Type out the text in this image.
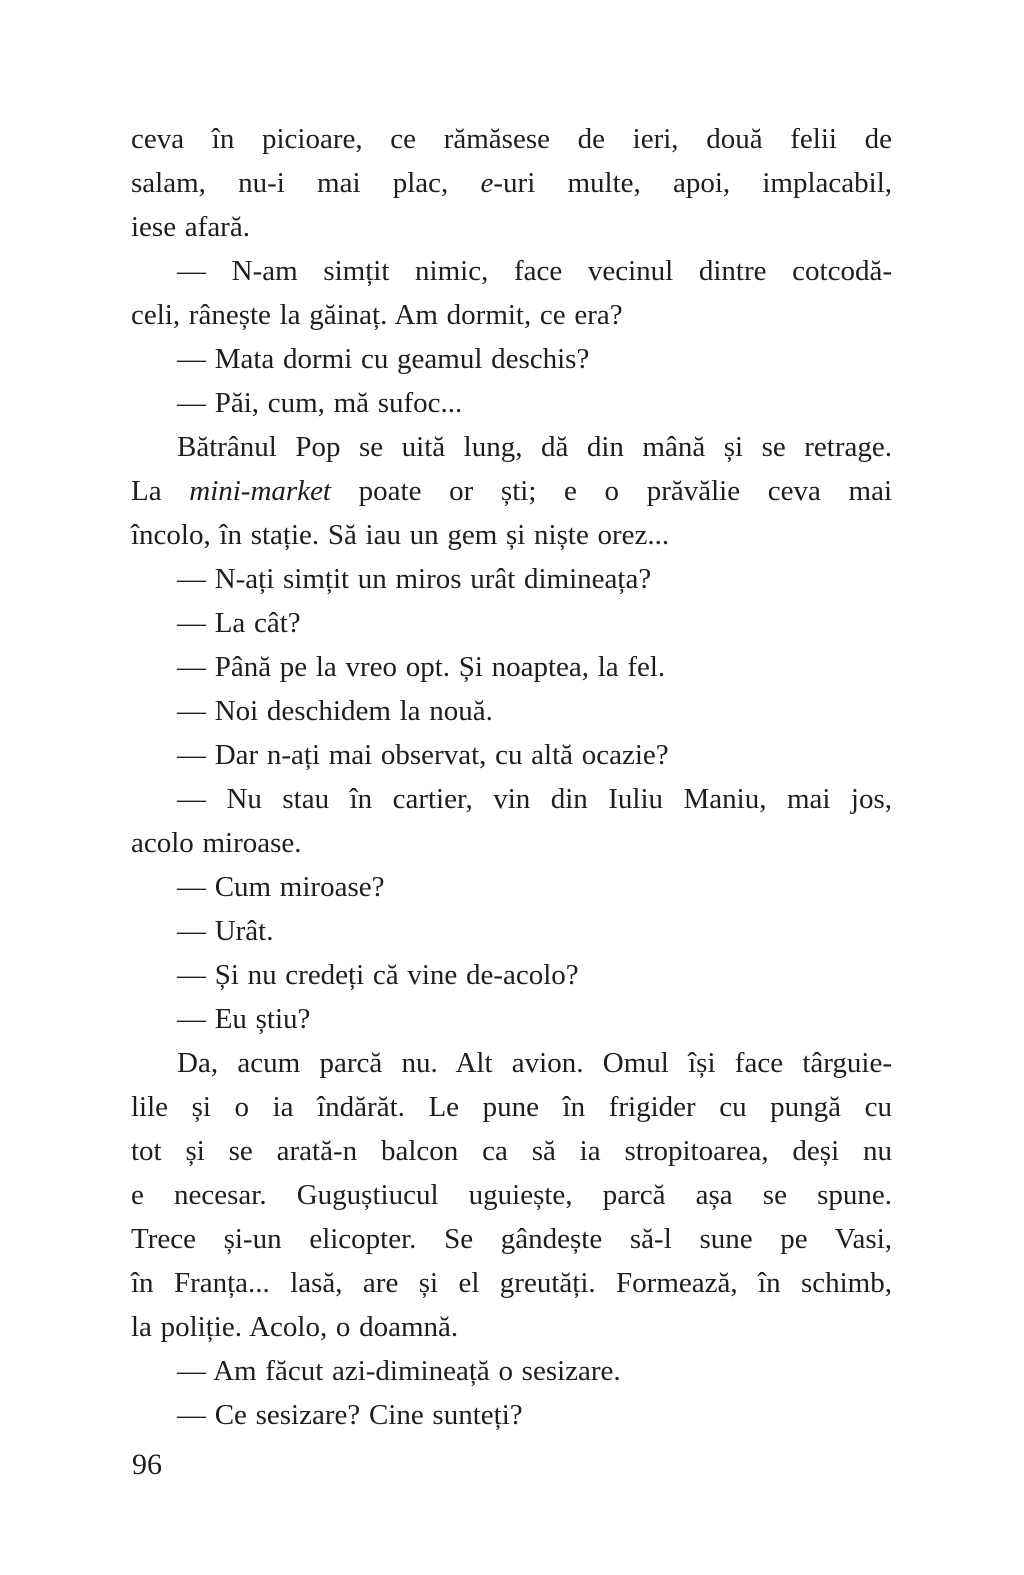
ceva în picioare, ce rămăsese de ieri, două felii de
salam, nu-i mai plac, e-uri multe, apoi, implacabil,
iese afară.
— N-am simțit nimic, face vecinul dintre cotcodă-
celi, rânește la găinaț. Am dormit, ce era?
— Mata dormi cu geamul deschis?
— Păi, cum, mă sufoc...
Bătrânul Pop se uită lung, dă din mână și se retrage.
La mini-market poate or ști; e o prăvălie ceva mai
încolo, în stație. Să iau un gem și niște orez...
— N-ați simțit un miros urât dimineața?
— La cât?
— Până pe la vreo opt. Și noaptea, la fel.
— Noi deschidem la nouă.
— Dar n-ați mai observat, cu altă ocazie?
— Nu stau în cartier, vin din Iuliu Maniu, mai jos,
acolo miroase.
— Cum miroase?
— Urât.
— Și nu credeți că vine de-acolo?
— Eu știu?
Da, acum parcă nu. Alt avion. Omul își face târguie-
lile și o ia îndărăt. Le pune în frigider cu pungă cu
tot și se arată-n balcon ca să ia stropitoarea, deși nu
e necesar. Guguștiucul uguiește, parcă așa se spune.
Trece și-un elicopter. Se gândește să-l sune pe Vasi,
în Franța... lasă, are și el greutăți. Formează, în schimb,
la poliție. Acolo, o doamnă.
— Am făcut azi-dimineață o sesizare.
— Ce sesizare? Cine sunteți?
96
